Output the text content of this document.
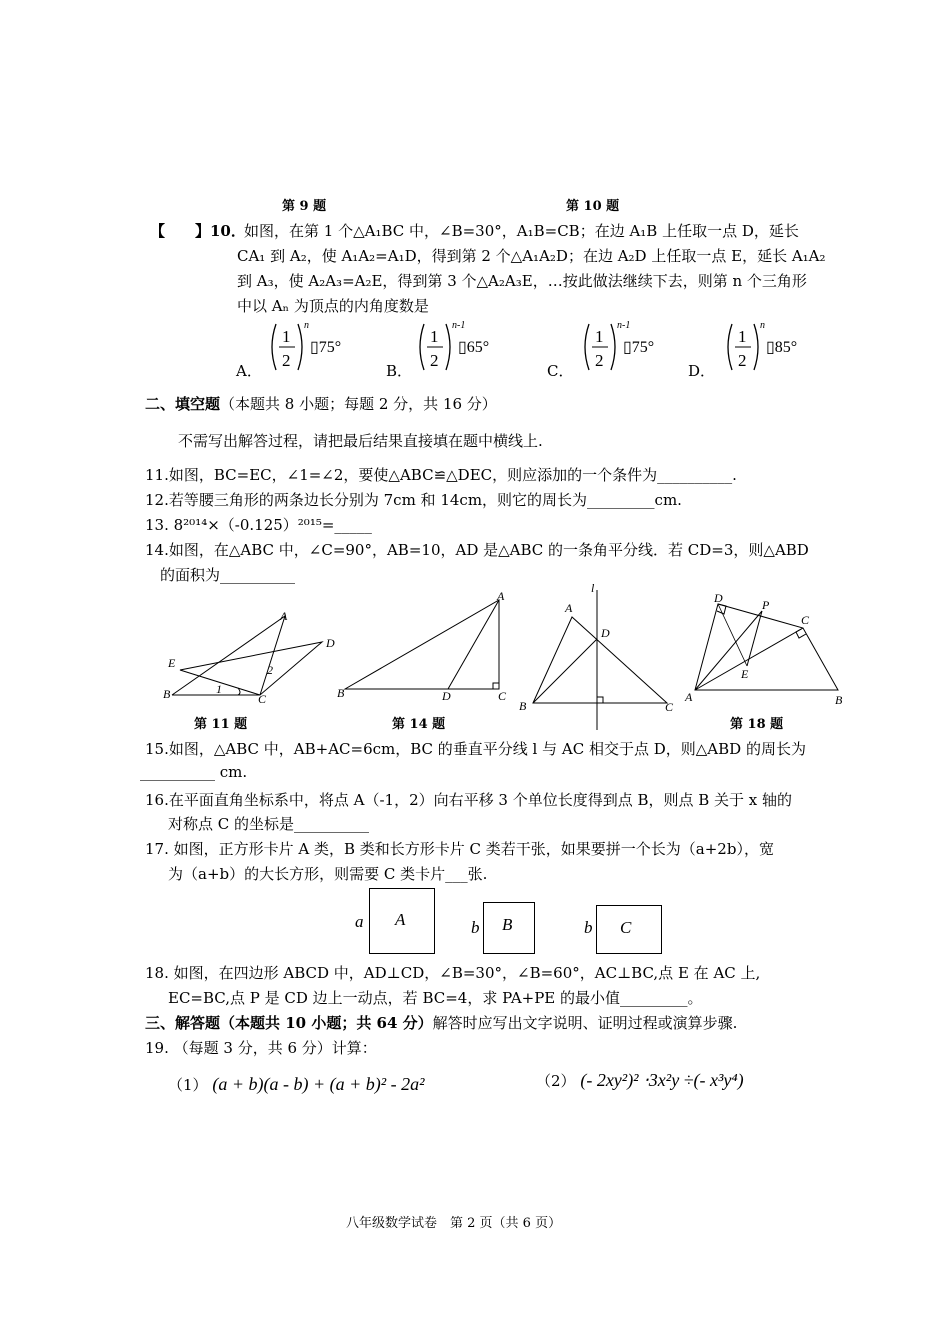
第 9 题	第 10 题
【　　】10．
如图，在第 1 个△A₁BC 中，∠B=30°，A₁B=CB；在边 A₁B 上任取一点 D，延长
CA₁ 到 A₂，使 A₁A₂=A₁D，得到第 2 个△A₁A₂D；在边 A₂D 上任取一点 E，延长 A₁A₂
到 A₃，使 A₂A₃=A₂E，得到第 3 个△A₂A₃E，…按此做法继续下去，则第 n 个三角形
中以 Aₙ 为顶点的内角度数是
A．
1
2
n
▯75°
B．
1
2
n-1
▯65°
C．
1
2
n-1
▯75°
D．
1
2
n
▯85°
二、填空题（本题共 8 小题；每题 2 分，共 16 分）
不需写出解答过程，请把最后结果直接填在题中横线上.
11.如图，BC=EC，∠1=∠2，要使△ABC≌△DEC，则应添加的一个条件为__________.
12.若等腰三角形的两条边长分别为 7cm 和 14cm，则它的周长为_________cm.
13. 8²⁰¹⁴×（-0.125）²⁰¹⁵=_____
14.如图，在△ABC 中，∠C=90°，AB=10，AD 是△ABC 的一条角平分线．若 CD=3，则△ABD
的面积为__________
A
D
E
B	C
1
2
A
B	D	C
l
A
D
B	C
D	P
C
E
A	B
第 11 题	第 14 题	第 18 题
15.如图，△ABC 中，AB+AC=6cm，BC 的垂直平分线 l 与 AC 相交于点 D，则△ABD 的周长为
__________ cm.
16.在平面直角坐标系中，将点 A（-1，2）向右平移 3 个单位长度得到点 B，则点 B 关于 x 轴的
对称点 C 的坐标是__________
17. 如图，正方形卡片 A 类，B 类和长方形卡片 C 类若干张，如果要拼一个长为（a+2b），宽
为（a+b）的大长方形，则需要 C 类卡片___张.
A
a	B
b	C
b
18. 如图，在四边形 ABCD 中，AD⊥CD，∠B=30°，∠B=60°，AC⊥BC,点 E 在 AC 上,
EC=BC,点 P 是 CD 边上一动点，若 BC=4，求 PA+PE 的最小值_________。
三、解答题（本题共 10 小题；共 64 分）解答时应写出文字说明、证明过程或演算步骤.
19. （每题 3 分，共 6 分）计算：
（1） (a + b)(a - b) + (a + b)² - 2a²	（2） (- 2xy²)² ⋅3x²y ÷(- x³y⁴)
八年级数学试卷　第 2 页（共 6 页）
